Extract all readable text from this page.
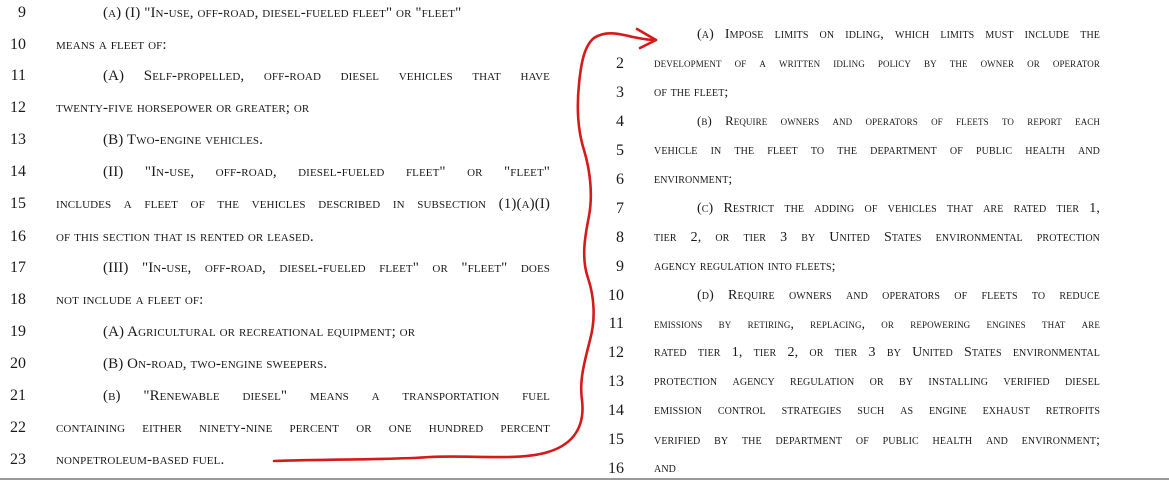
9	(a) (I) "In-use, off-road, diesel-fueled fleet" or "fleet"
10 means a fleet of:
11	(A) Self-propelled, off-road diesel vehicles that have
12 twenty-five horsepower or greater; or
13	(B) Two-engine vehicles.
14	(II) "In-use, off-road, diesel-fueled fleet" or "fleet"
15 includes a fleet of the vehicles described in subsection (1)(a)(I)
16 of this section that is rented or leased.
17	(III) "In-use, off-road, diesel-fueled fleet" or "fleet" does
18 not include a fleet of:
19	(A) Agricultural or recreational equipment; or
20	(B) On-road, two-engine sweepers.
21	(b) "Renewable diesel" means a transportation fuel
22 containing either ninety-nine percent or one hundred percent
23 nonpetroleum-based fuel.
(a) Impose limits on idling, which limits must include the
2 development of a written idling policy by the owner or operator
3 of the fleet;
4	(b) Require owners and operators of fleets to report each
5 vehicle in the fleet to the department of public health and
6 environment;
7	(c) Restrict the adding of vehicles that are rated tier 1,
8 tier 2, or tier 3 by United States environmental protection
9 agency regulation into fleets;
10	(d) Require owners and operators of fleets to reduce
11 emissions by retiring, replacing, or repowering engines that are
12 rated tier 1, tier 2, or tier 3 by United States environmental
13 protection agency regulation or by installing verified diesel
14 emission control strategies such as engine exhaust retrofits
15 verified by the department of public health and environment;
16 and
